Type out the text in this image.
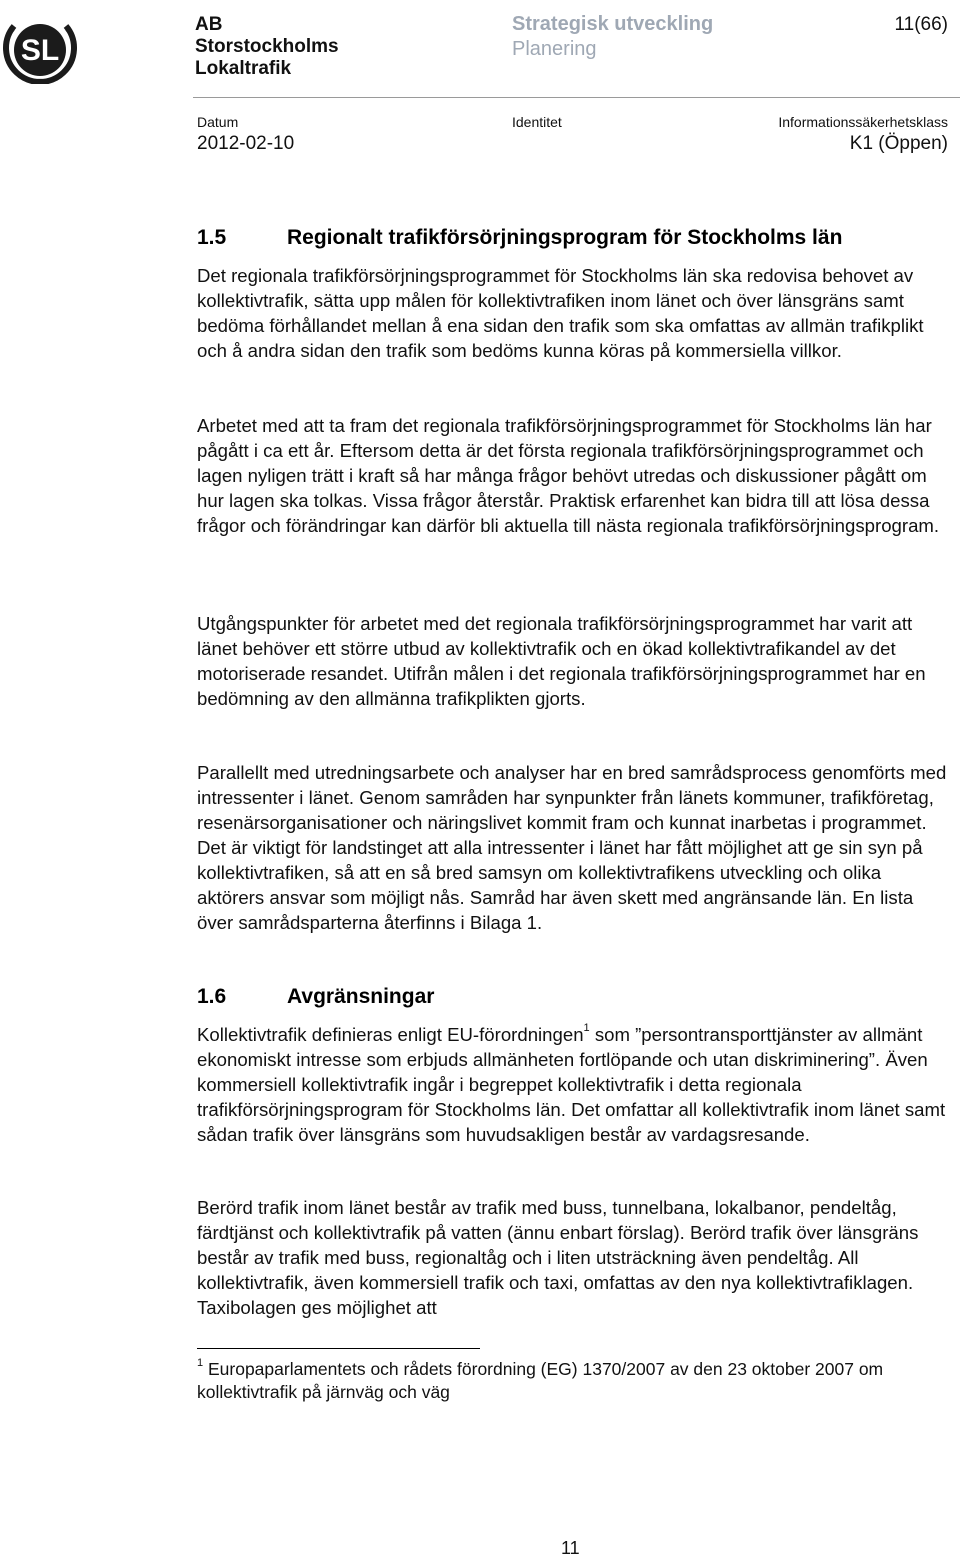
SL
AB
Storstockholms
Lokaltrafik
Strategisk utveckling
Planering
11(66)
Datum
2012-02-10
Identitet	Informationssäkerhetsklass
K1 (Öppen)
1.5	Regionalt trafikförsörjningsprogram för Stockholms län

Det regionala trafikförsörjningsprogrammet för Stockholms län ska redovisa behovet av kollektivtrafik, sätta upp målen för kollektivtrafiken inom länet och över länsgräns samt bedöma förhållandet mellan å ena sidan den trafik som ska omfattas av allmän trafikplikt och å andra sidan den trafik som bedöms kunna köras på kommersiella villkor.

Arbetet med att ta fram det regionala trafikförsörjningsprogrammet för Stockholms län har pågått i ca ett år. Eftersom detta är det första regionala trafikförsörjningsprogrammet och lagen nyligen trätt i kraft så har många frågor behövt utredas och diskussioner pågått om hur lagen ska tolkas. Vissa frågor återstår. Praktisk erfarenhet kan bidra till att lösa dessa frågor och förändringar kan därför bli aktuella till nästa regionala trafikförsörjningsprogram.

Utgångspunkter för arbetet med det regionala trafikförsörjningsprogrammet har varit att länet behöver ett större utbud av kollektivtrafik och en ökad kollektivtrafikandel av det motoriserade resandet. Utifrån målen i det regionala trafikförsörjningsprogrammet har en bedömning av den allmänna trafikplikten gjorts.

Parallellt med utredningsarbete och analyser har en bred samrådsprocess genomförts med intressenter i länet. Genom samråden har synpunkter från länets kommuner, trafikföretag, resenärsorganisationer och näringslivet kommit fram och kunnat inarbetas i programmet. Det är viktigt för landstinget att alla intressenter i länet har fått möjlighet att ge sin syn på kollektivtrafiken, så att en så bred samsyn om kollektivtrafikens utveckling och olika aktörers ansvar som möjligt nås. Samråd har även skett med angränsande län. En lista över samrådsparterna återfinns i Bilaga 1.

1.6	Avgränsningar

Kollektivtrafik definieras enligt EU-förordningen$^1$ som ”persontransporttjänster av allmänt ekonomiskt intresse som erbjuds allmänheten fortlöpande och utan diskriminering”. Även kommersiell kollektivtrafik ingår i begreppet kollektivtrafik i detta regionala trafikförsörjningsprogram för Stockholms län. Det omfattar all kollektivtrafik inom länet samt sådan trafik över länsgräns som huvudsakligen består av vardagsresande.

Berörd trafik inom länet består av trafik med buss, tunnelbana, lokalbanor, pendeltåg, färdtjänst och kollektivtrafik på vatten (ännu enbart förslag). Berörd trafik över länsgräns består av trafik med buss, regionaltåg och i liten utsträckning även pendeltåg. All kollektivtrafik, även kommersiell trafik och taxi, omfattas av den nya kollektivtrafiklagen. Taxibolagen ges möjlighet att

$^1$ Europaparlamentets och rådets förordning (EG) 1370/2007 av den 23 oktober 2007 om kollektivtrafik på järnväg och väg
11
